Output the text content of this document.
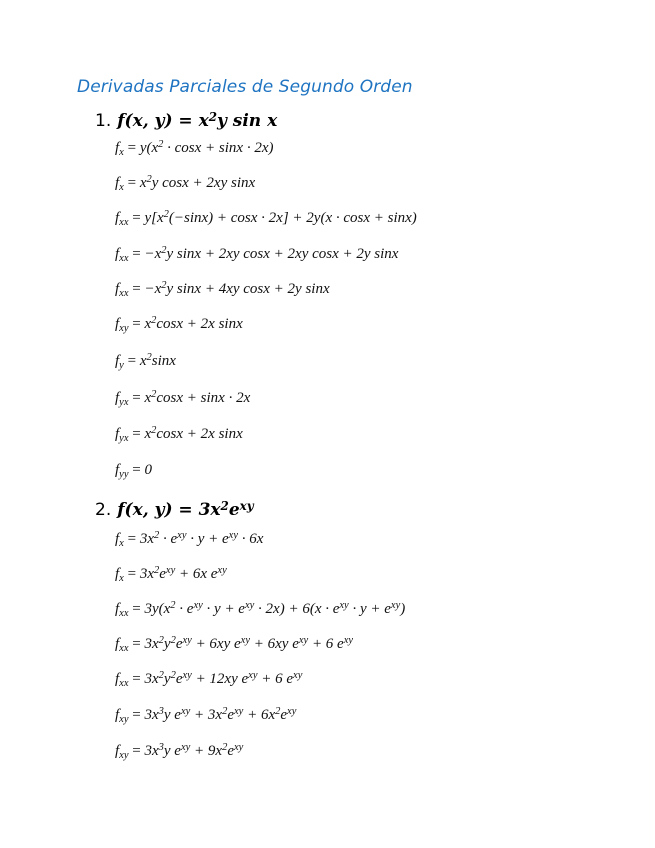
Derivadas Parciales de Segundo Orden
1. f(x, $y) = x^2y$ sin x
$f_x = y(x^2 \cdot \cos x + \sin x \cdot 2x)$
$f_x = x^2y$ cosx + 2xy sinx
$f_{xx} = y[x^2(-\sin x) + \cos x \cdot 2x] + 2y(x \cdot \cos x + \sin x)$
$f_{xx} = -x^2y$ sinx + 2xy cosx + 2xy cosx + 2y sinx
$f_{xx} = -x^2y$ sinx + 4xy cosx + 2y sinx
$f_{xy} = x^2\cos x + 2x$ sinx
$f_y = x^2\sin x$
$f_{yx} = x^2\cos x + \sin x \cdot 2x$
$f_{yx} = x^2\cos x + 2x$ sinx
$f_{yy} = 0$
2. f(x, $y) = 3x^2e^{xy}$
$f_x = 3x^2 \cdot e^{xy} \cdot y + e^{xy} \cdot 6x$
$f_x = 3x^2e^{xy} + 6x$ $e^{xy}$
$f_{xx} = 3y(x^2 \cdot e^{xy} \cdot y + e^{xy} \cdot 2x) + 6(x \cdot e^{xy} \cdot y + e^{xy})$
$f_{xx} = 3x^2y^2e^{xy} + 6xy$ $e^{xy} + 6xy$ $e^{xy} + 6$ $e^{xy}$
$f_{xx} = 3x^2y^2e^{xy} + 12xy$ $e^{xy} + 6$ $e^{xy}$
$f_{xy} = 3x^3y$ $e^{xy} + 3x^2e^{xy} + 6x^2e^{xy}$
$f_{xy} = 3x^3y$ $e^{xy} + 9x^2e^{xy}$
